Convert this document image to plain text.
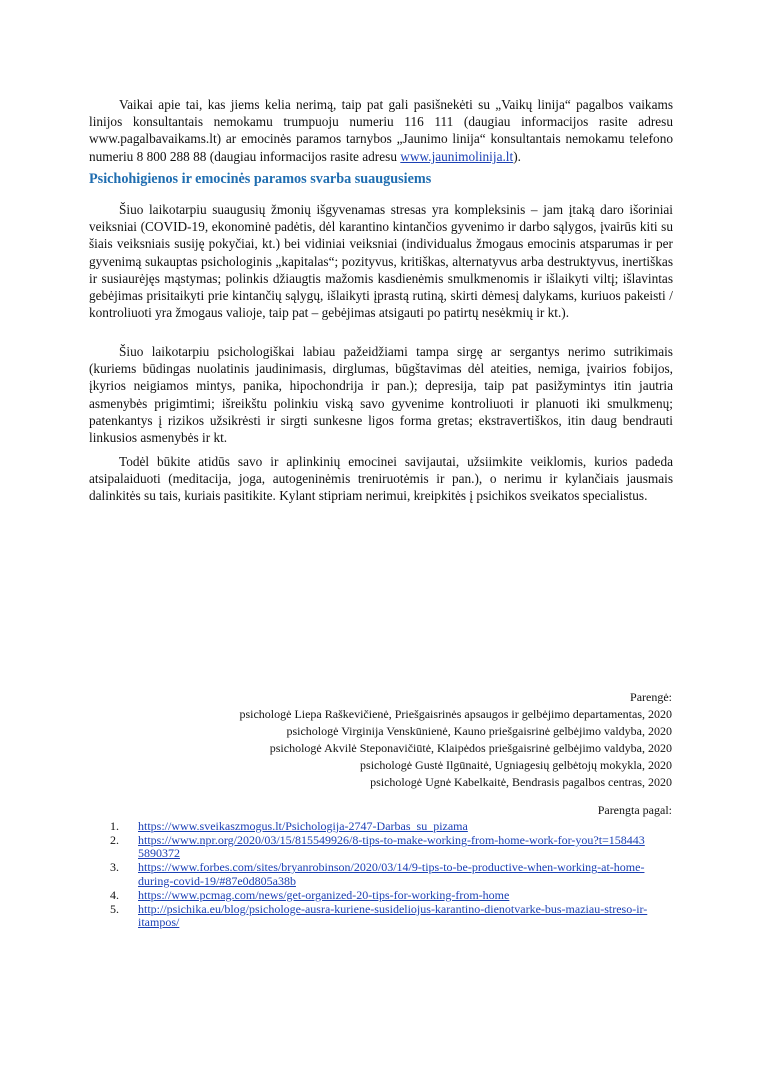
Vaikai apie tai, kas jiems kelia nerimą, taip pat gali pasišnekėti su „Vaikų linija“ pagalbos vaikams linijos konsultantais nemokamu trumpuoju numeriu 116 111 (daugiau informacijos rasite adresu www.pagalbavaikams.lt) ar emocinės paramos tarnybos „Jaunimo linija“ konsultantais nemokamu telefono numeriu 8 800 288 88 (daugiau informacijos rasite adresu www.jaunimolinija.lt).

Psichohigienos ir emocinės paramos svarba suaugusiems

Šiuo laikotarpiu suaugusių žmonių išgyvenamas stresas yra kompleksinis – jam įtaką daro išoriniai veiksniai (COVID-19, ekonominė padėtis, dėl karantino kintančios gyvenimo ir darbo sąlygos, įvairūs kiti su šiais veiksniais susiję pokyčiai, kt.) bei vidiniai veiksniai (individualus žmogaus emocinis atsparumas ir per gyvenimą sukauptas psichologinis „kapitalas“; pozityvus, kritiškas, alternatyvus arba destruktyvus, inertiškas ir susiaurėjęs mąstymas; polinkis džiaugtis mažomis kasdienėmis smulkmenomis ir išlaikyti viltį; išlavintas gebėjimas prisitaikyti prie kintančių sąlygų, išlaikyti įprastą rutiną, skirti dėmesį dalykams, kuriuos pakeisti / kontroliuoti yra žmogaus valioje, taip pat – gebėjimas atsigauti po patirtų nesėkmių ir kt.).

Šiuo laikotarpiu psichologiškai labiau pažeidžiami tampa sirgę ar sergantys nerimo sutrikimais (kuriems būdingas nuolatinis jaudinimasis, dirglumas, būgštavimas dėl ateities, nemiga, įvairios fobijos, įkyrios neigiamos mintys, panika, hipochondrija ir pan.); depresija, taip pat pasižymintys itin jautria asmenybės prigimtimi; išreikštu polinkiu viską savo gyvenime kontroliuoti ir planuoti iki smulkmenų; patenkantys į rizikos užsikrėsti ir sirgti sunkesne ligos forma gretas; ekstravertiškos, itin daug bendrauti linkusios asmenybės ir kt.

Todėl būkite atidūs savo ir aplinkinių emocinei savijautai, užsiimkite veiklomis, kurios padeda atsipalaiduoti (meditacija, joga, autogeninėmis treniruotėmis ir pan.), o nerimu ir kylančiais jausmais dalinkitės su tais, kuriais pasitikite. Kylant stipriam nerimui, kreipkitės į psichikos sveikatos specialistus.

Parengė:
psichologė Liepa Raškevičienė, Priešgaisrinės apsaugos ir gelbėjimo departamentas, 2020
psichologė Virginija Venskūnienė, Kauno priešgaisrinė gelbėjimo valdyba, 2020
psichologė Akvilė Steponavičiūtė, Klaipėdos priešgaisrinė gelbėjimo valdyba, 2020
psichologė Gustė Ilgūnaitė, Ugniagesių gelbėtojų mokykla, 2020
psichologė Ugnė Kabelkaitė, Bendrasis pagalbos centras, 2020

Parengta pagal:

1. https://www.sveikaszmogus.lt/Psichologija-2747-Darbas_su_pizama
2. https://www.npr.org/2020/03/15/815549926/8-tips-to-make-working-from-home-work-for-you?t=1584435890372
3. https://www.forbes.com/sites/bryanrobinson/2020/03/14/9-tips-to-be-productive-when-working-at-home-during-covid-19/#87e0d805a38b
4. https://www.pcmag.com/news/get-organized-20-tips-for-working-from-home
5. http://psichika.eu/blog/psichologe-ausra-kuriene-susideliojus-karantino-dienotvarke-bus-maziau-streso-ir-itampos/
